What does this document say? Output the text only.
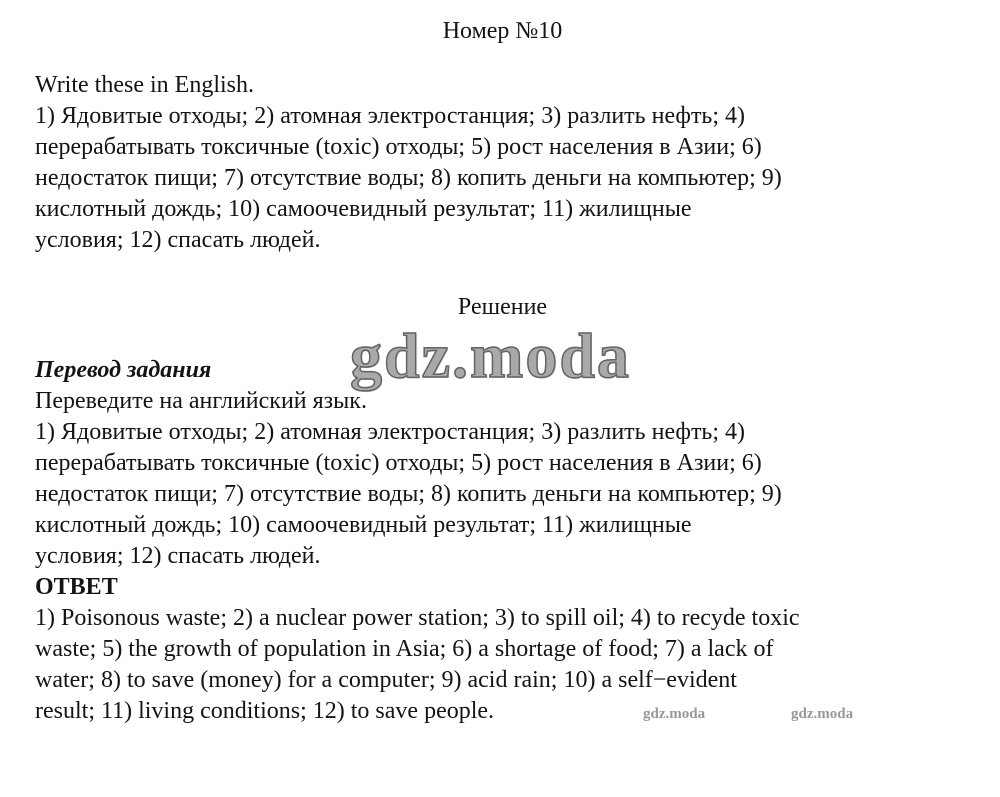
Номер №10
Write these in English.
1) Ядовитые отходы; 2) атомная электростанция; 3) разлить нефть; 4)
перерабатывать токсичные (toxic) отходы; 5) рост населения в Азии; 6)
недостаток пищи; 7) отсутствие воды; 8) копить деньги на компьютер; 9)
кислотный дождь; 10) самоочевидный результат; 11) жилищные
условия; 12) спасать людей.
Решение
Перевод задания
Переведите на английский язык.
1) Ядовитые отходы; 2) атомная электростанция; 3) разлить нефть; 4)
перерабатывать токсичные (toxic) отходы; 5) рост населения в Азии; 6)
недостаток пищи; 7) отсутствие воды; 8) копить деньги на компьютер; 9)
кислотный дождь; 10) самоочевидный результат; 11) жилищные
условия; 12) спасать людей.
ОТВЕТ
1) Poisonous waste; 2) a nuclear power station; 3) to spill oil; 4) to recyde toxic
waste; 5) the growth of population in Asia; 6) a shortage of food; 7) a lack of
water; 8) to save (money) for a computer; 9) acid rain; 10) a self−evident
result; 11) living conditions; 12) to save people.
gdz.moda
gdz.moda	gdz.moda
